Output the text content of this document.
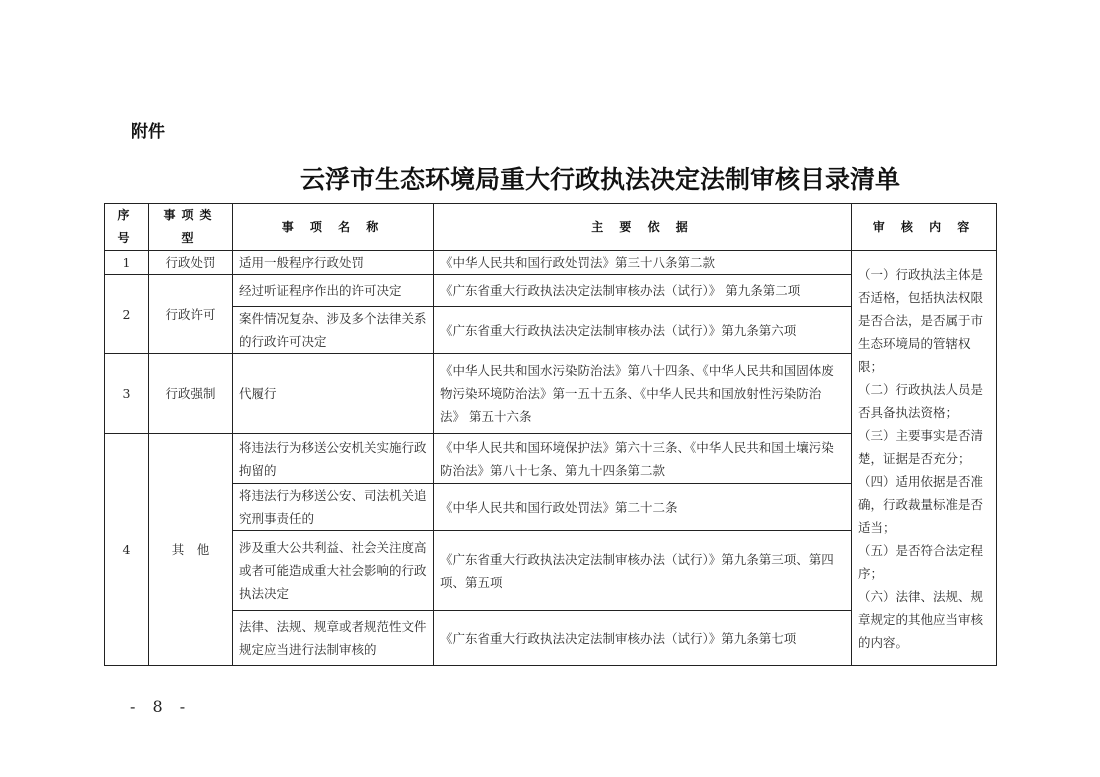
附件
云浮市生态环境局重大行政执法决定法制审核目录清单
序号	事项类型	事 项 名 称	主 要 依 据	审 核 内 容
1	行政处罚	适用一般程序行政处罚	《中华人民共和国行政处罚法》第三十八条第二款	

（一）行政执法主体是否适格，包括执法权限是否合法，是否属于市生态环境局的管辖权限；

（二）行政执法人员是否具备执法资格；

（三）主要事实是否清楚，证据是否充分；

（四）适用依据是否准确，行政裁量标准是否适当；

（五）是否符合法定程序；

（六）法律、法规、规章规定的其他应当审核的内容。

2	行政许可	经过听证程序作出的许可决定	《广东省重大行政执法决定法制审核办法（试行）》 第九条第二项	
		案件情况复杂、涉及多个法律关系的行政许可决定	《广东省重大行政执法决定法制审核办法（试行）》第九条第六项	
3	行政强制	代履行	《中华人民共和国水污染防治法》第八十四条、《中华人民共和国固体废物污染环境防治法》第一五十五条、《中华人民共和国放射性污染防治法》 第五十六条	
4	其　他	将违法行为移送公安机关实施行政拘留的	《中华人民共和国环境保护法》第六十三条、《中华人民共和国土壤污染防治法》第八十七条、第九十四条第二款	
		将违法行为移送公安、司法机关追究刑事责任的	《中华人民共和国行政处罚法》第二十二条	
		涉及重大公共利益、社会关注度高或者可能造成重大社会影响的行政执法决定	《广东省重大行政执法决定法制审核办法（试行）》第九条第三项、第四项、第五项	
		法律、法规、规章或者规范性文件规定应当进行法制审核的	《广东省重大行政执法决定法制审核办法（试行）》第九条第七项	
- 8 -
